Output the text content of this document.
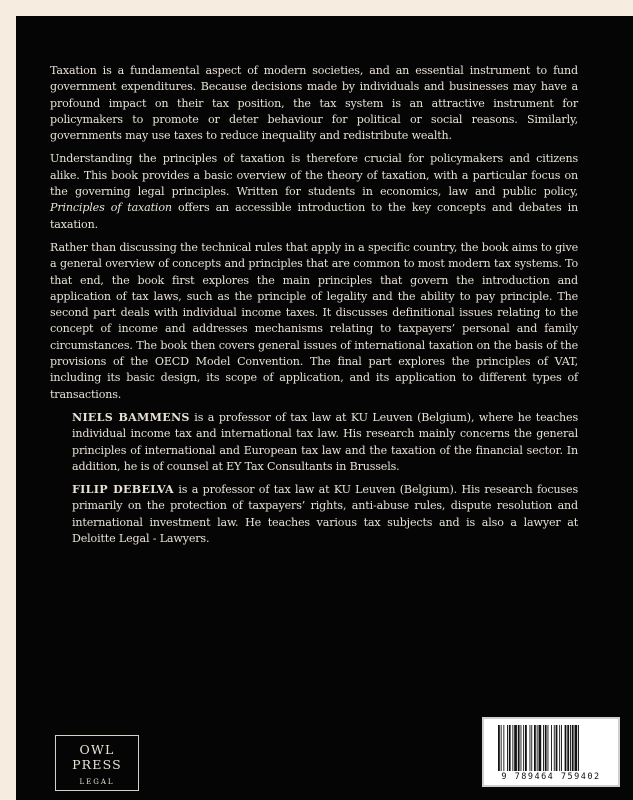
Taxation is a fundamental aspect of modern societies, and an essential instrument to fund government expenditures. Because decisions made by individuals and businesses may have a profound impact on their tax position, the tax system is an attractive instrument for policymakers to promote or deter behaviour for political or social reasons. Similarly, governments may use taxes to reduce inequality and redistribute wealth.

Understanding the principles of taxation is therefore crucial for policymakers and citizens alike. This book provides a basic overview of the theory of taxation, with a particular focus on the governing legal principles. Written for students in economics, law and public policy, Principles of taxation offers an accessible introduction to the key concepts and debates in taxation.

Rather than discussing the technical rules that apply in a specific country, the book aims to give a general overview of concepts and principles that are common to most modern tax systems. To that end, the book first explores the main principles that govern the introduction and application of tax laws, such as the principle of legality and the ability to pay principle. The second part deals with individual income taxes. It discusses definitional issues relating to the concept of income and addresses mechanisms relating to taxpayers’ personal and family circumstances. The book then covers general issues of international taxation on the basis of the provisions of the OECD Model Convention. The final part explores the principles of VAT, including its basic design, its scope of application, and its application to different types of transactions.

NIELS BAMMENS is a professor of tax law at KU Leuven (Belgium), where he teaches individual income tax and international tax law. His research mainly concerns the general principles of international and European tax law and the taxation of the financial sector. In addition, he is of counsel at EY Tax Consultants in Brussels.

FILIP DEBELVA is a professor of tax law at KU Leuven (Belgium). His research focuses primarily on the protection of taxpayers’ rights, anti-abuse rules, dispute resolution and international investment law. He teaches various tax subjects and is also a lawyer at Deloitte Legal - Lawyers.

OWL PRESS
LEGAL	9 789464 759402
